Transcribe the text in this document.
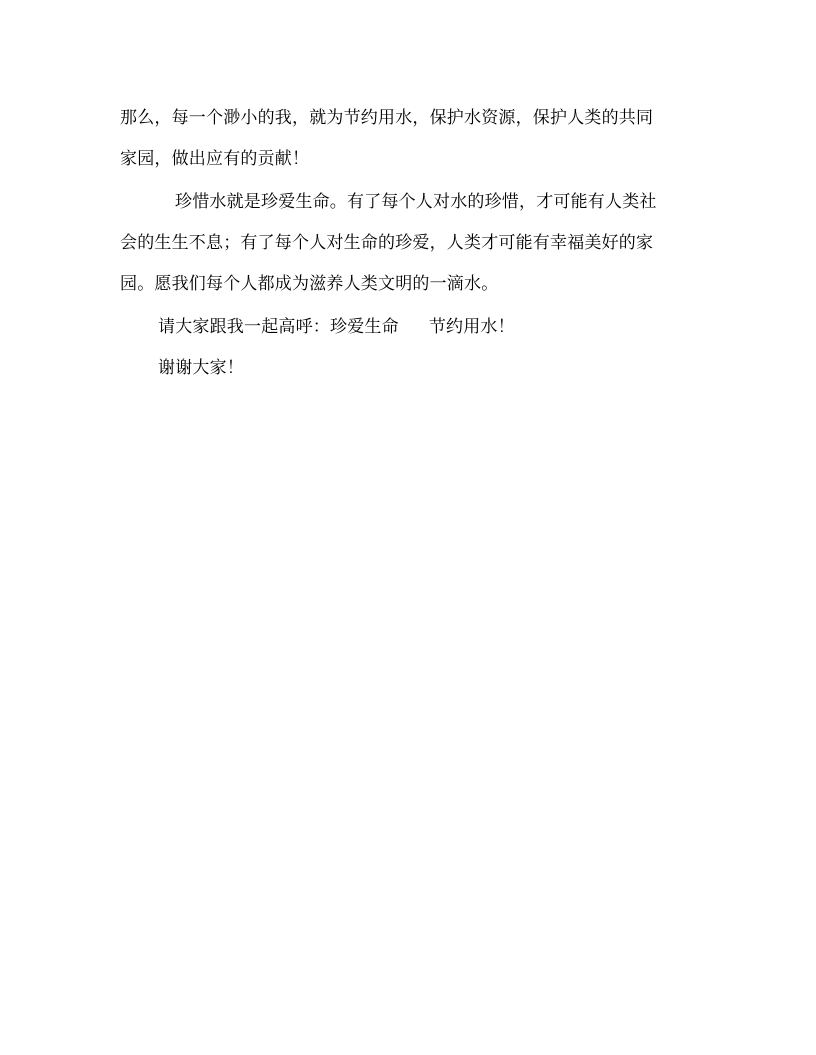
那么，每一个渺小的我，就为节约用水，保护水资源，保护人类的共同
家园，做出应有的贡献！
珍惜水就是珍爱生命。有了每个人对水的珍惜，才可能有人类社
会的生生不息；有了每个人对生命的珍爱，人类才可能有幸福美好的家
园。愿我们每个人都成为滋养人类文明的一滴水。
请大家跟我一起高呼：珍爱生命 节约用水！
谢谢大家！
